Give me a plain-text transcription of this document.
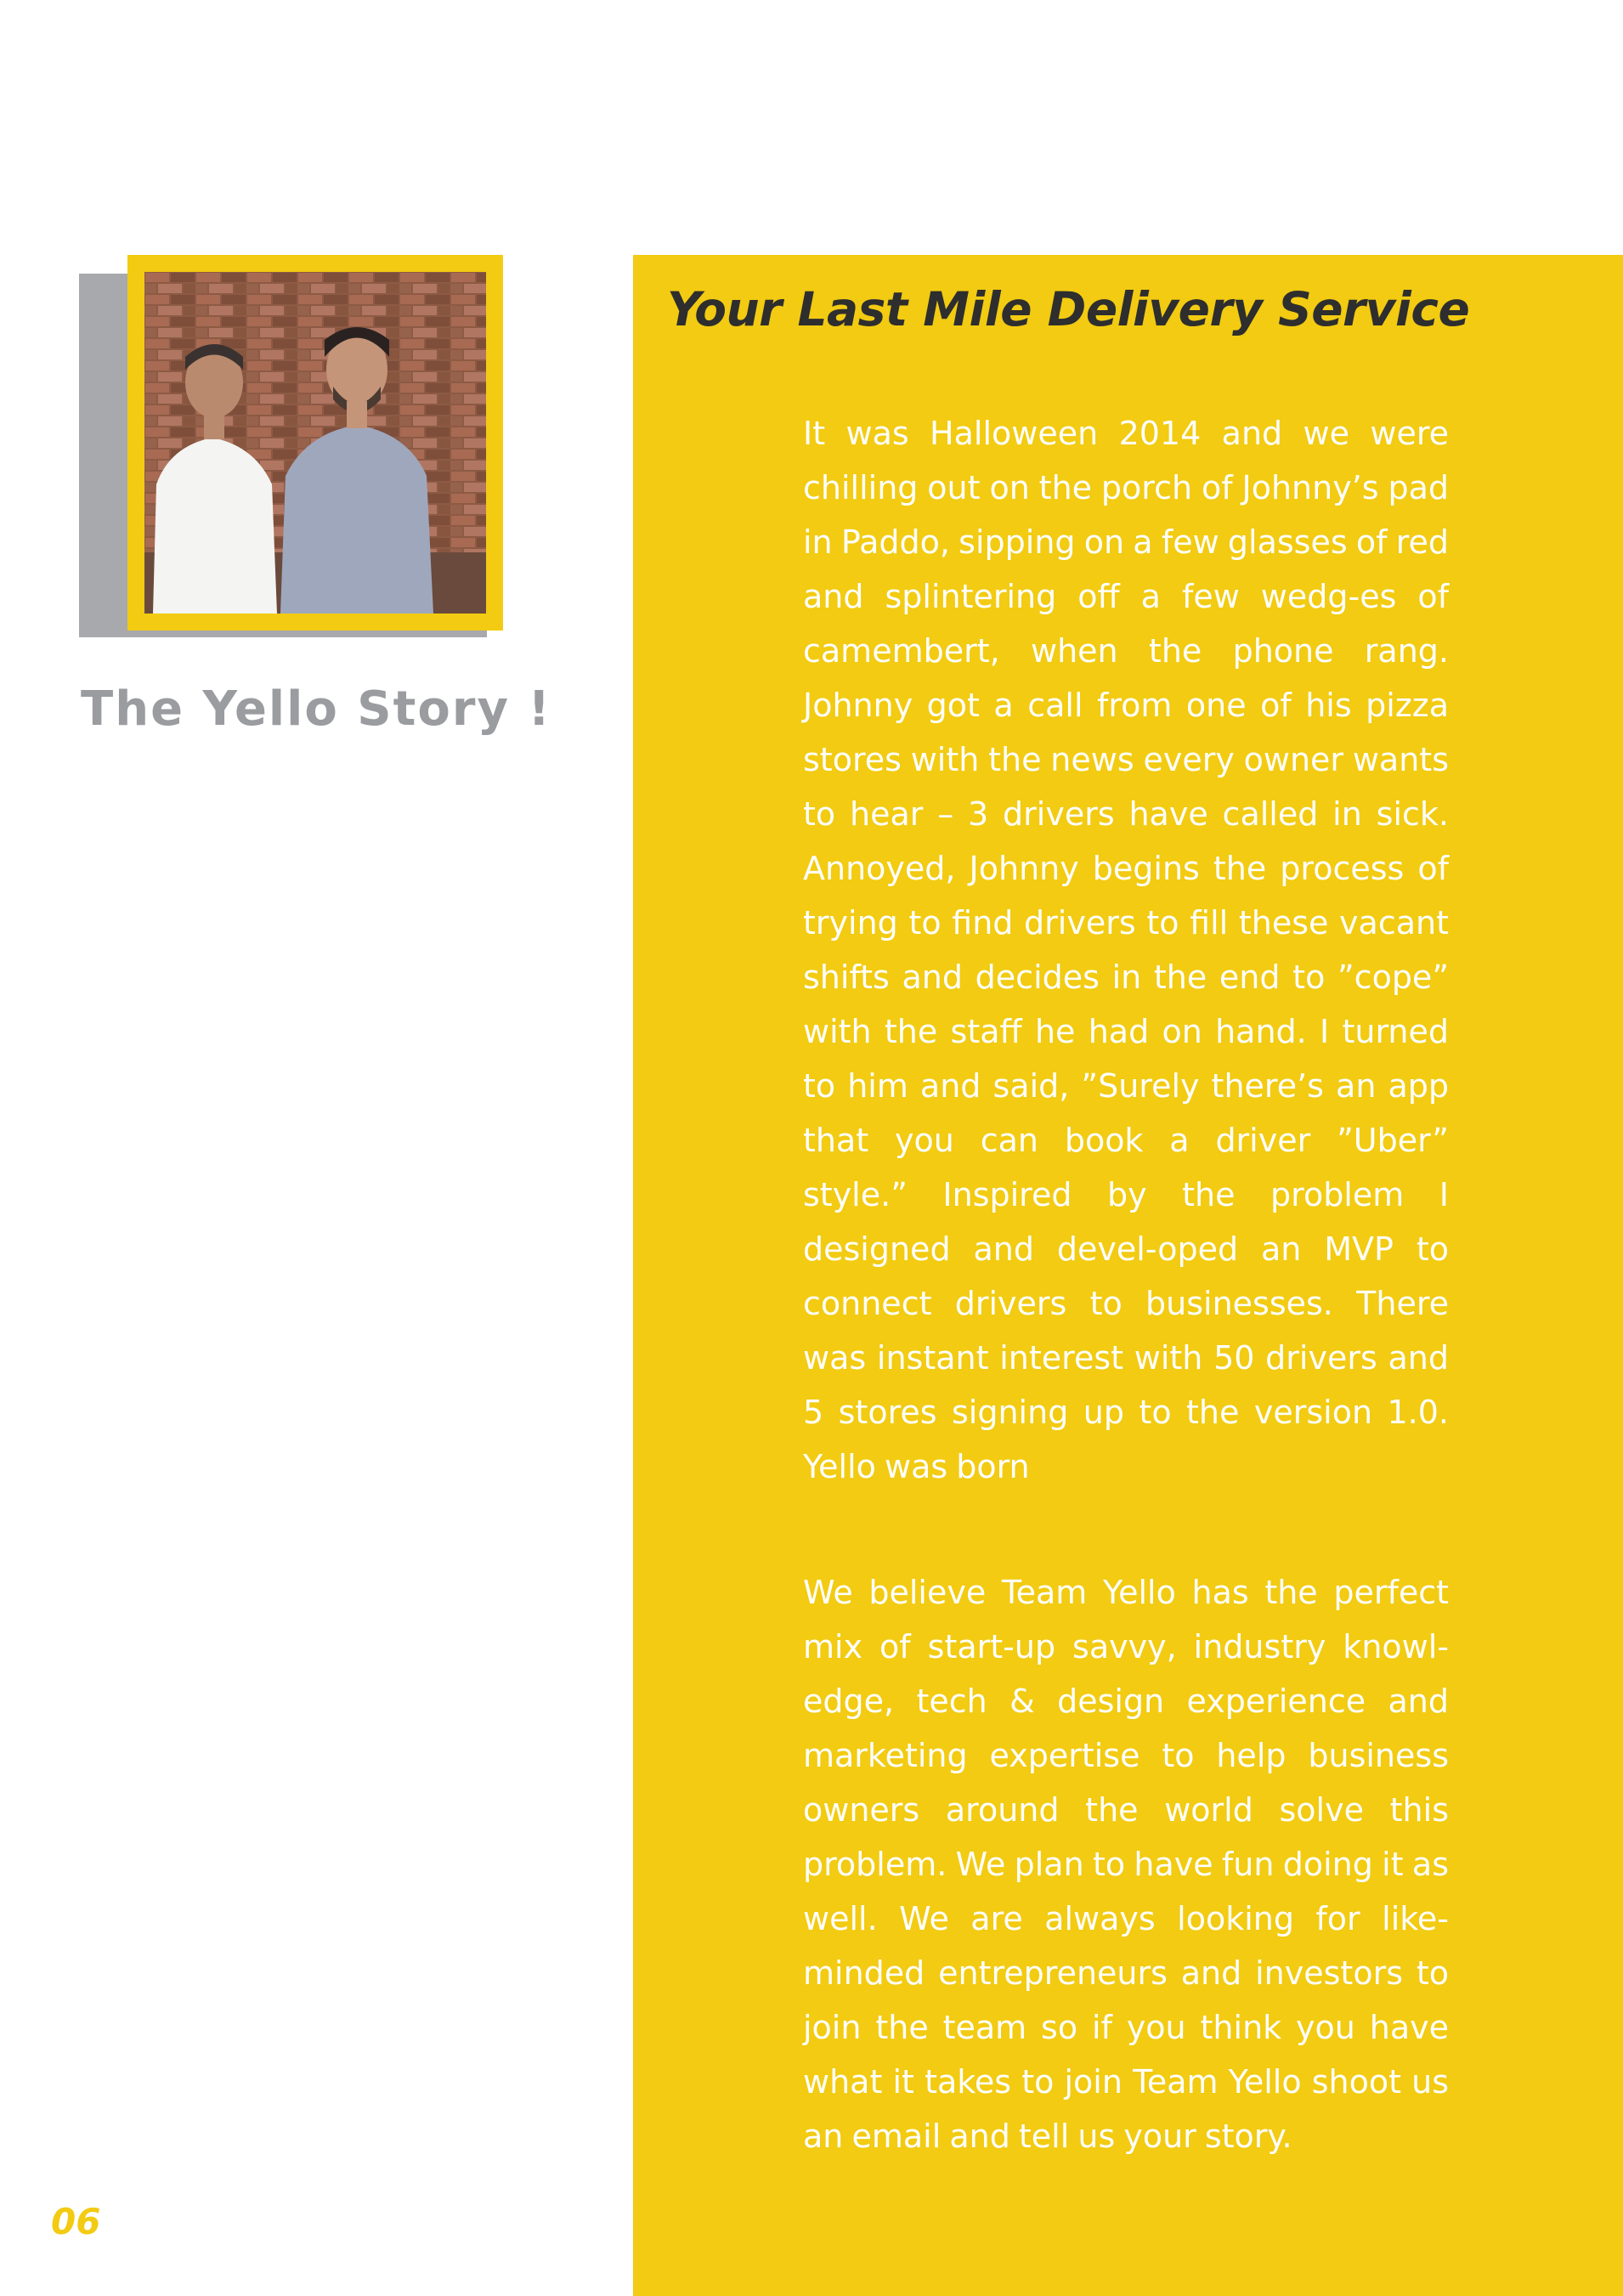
The Yello Story !
Your Last Mile Delivery Service

It was Halloween 2014 and we were chilling out on the porch of Johnny’s pad in Paddo, sipping on a few glasses of red and splintering off a few wedg-es of camembert, when the phone rang. Johnny got a call from one of his pizza stores with the news every owner wants to hear – 3 drivers have called in sick. Annoyed, Johnny begins the process of trying to find drivers to fill these vacant shifts and decides in the end to ”cope” with the staff he had on hand. I turned to him and said, ”Surely there’s an app that you can book a driver ”Uber” style.” Inspired by the problem I designed and devel-oped an MVP to connect drivers to businesses. There was instant interest with 50 drivers and 5 stores signing up to the version 1.0. Yello was born

We believe Team Yello has the perfect mix of start-up savvy, industry knowl-edge, tech & design experience and marketing expertise to help business owners around the world solve this problem. We plan to have fun doing it as well. We are always looking for like-minded entrepreneurs and investors to join the team so if you think you have what it takes to join Team Yello shoot us an email and tell us your story.

06
